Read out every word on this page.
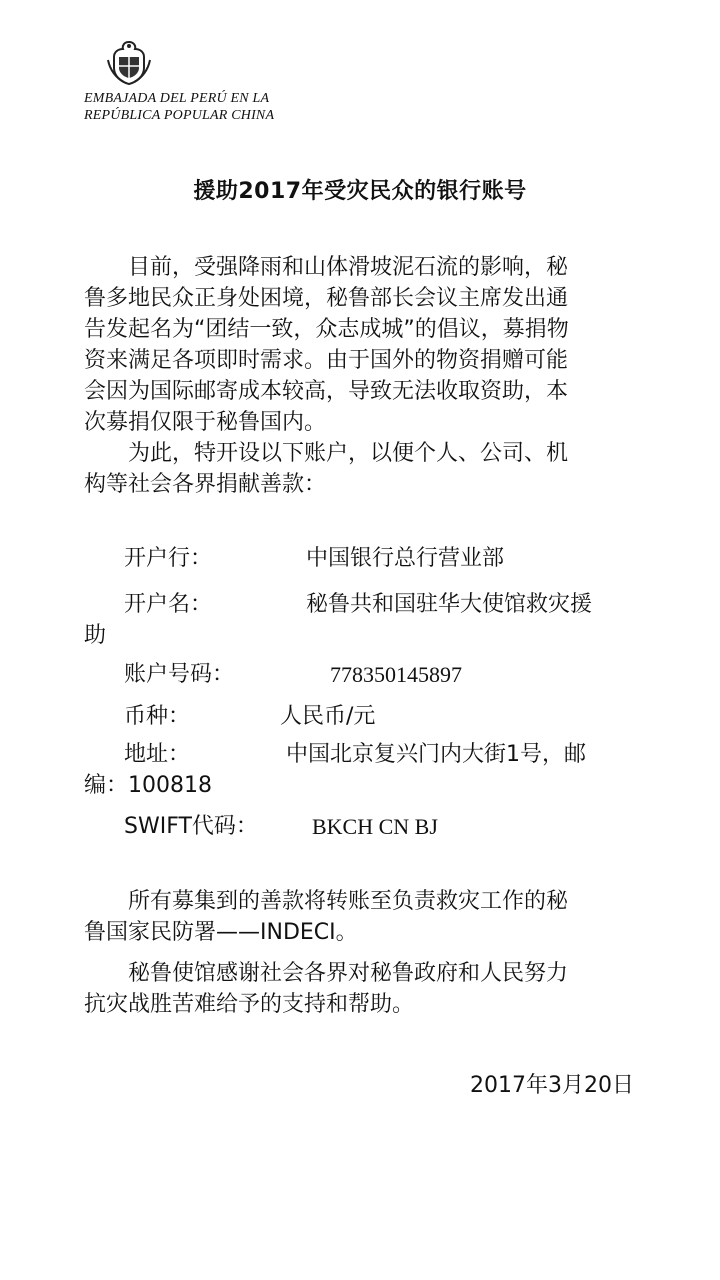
EMBAJADA DEL PERÚ EN LA
REPÚBLICA POPULAR CHINA
援助2017年受灾民众的银行账号
目前，受强降雨和山体滑坡泥石流的影响，秘
鲁多地民众正身处困境，秘鲁部长会议主席发出通
告发起名为“团结一致，众志成城”的倡议，募捐物
资来满足各项即时需求。由于国外的物资捐赠可能
会因为国际邮寄成本较高，导致无法收取资助，本
次募捐仅限于秘鲁国内。
为此，特开设以下账户，以便个人、公司、机
构等社会各界捐献善款：
开户行：	中国银行总行营业部
开户名：	秘鲁共和国驻华大使馆救灾援
助
账户号码：	778350145897
币种：	人民币/元
地址：	中国北京复兴门内大街1号，邮
编：100818
SWIFT代码： BKCH CN BJ
所有募集到的善款将转账至负责救灾工作的秘
鲁国家民防署——INDECI。
秘鲁使馆感谢社会各界对秘鲁政府和人民努力
抗灾战胜苦难给予的支持和帮助。
2017年3月20日
